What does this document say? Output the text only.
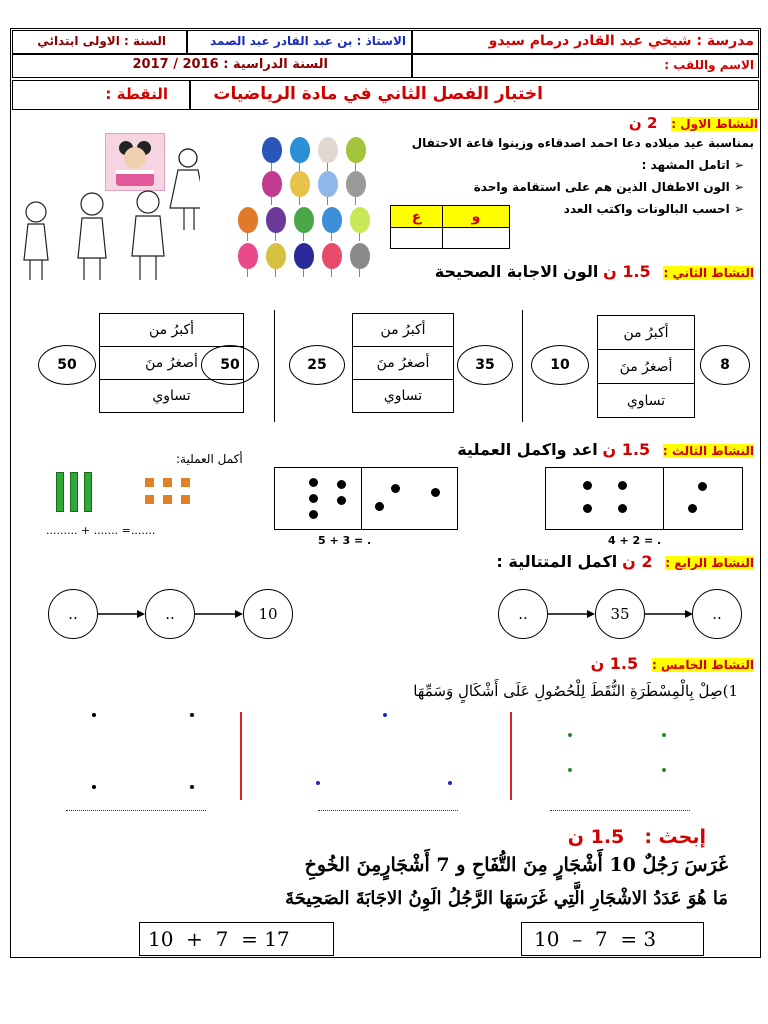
مدرسة : شيخي عبد القادر درمام سيدو
الاستاذ : بن عبد القادر عبد الصمد
السنة : الاولى ابتدائي
الاسم واللقب :
السنة الدراسية : 2016 / 2017
اختبار الفصل الثاني في مادة الرياضيات
النقطة :
النشاط الاول : 2 ن
بمناسبة عيد ميلاده دعا احمد اصدقاءه وزينوا قاعة الاحتفال
➢ اتامل المشهد :
➢ الون الاطفال الذين هم على استقامة واحدة
➢ احسب البالونات واكتب العدد
ع	و
النشاط الثاني : 1.5 ن الون الاجابة الصحيحة
50
أكبرُ من
أصغرُ منَ
تساوي
50	25
أكبرُ من
أصغرُ منَ
تساوي
35	10
أكبرُ من
أصغرُ منَ
تساوي
8
النشاط الثالث : 1.5 ن اعد واكمل العملية
أكمل العملية:
......... + ....... =.......
5 + 3 = .	4 + 2 = .
النشاط الرابع : 2 ن اكمل المتتالية :
..	..	10	..	35	..
النشاط الخامس : 1.5 ن
1)صِلْ بِالْمِسْطَرَةِ النُّقَطَ لِلْحُصُولِ عَلَى أَشْكَالٍ وَسَمِّهَا
إبحث : 1.5 ن
غَرَسَ رَجُلٌ 10 أَشْجَارٍ مِنَ التُّفَاحِ و 7 أَشْجَارٍمِنَ الخُوخِ
مَا هُوَ عَدَدُ الاشْجَارِ الَّتِي غَرَسَهَا الرَّجُلُ الَوِنُ الاجَابَةَ الصَحِيحَةَ
10  +  7  = 17	10  –  7  = 3
